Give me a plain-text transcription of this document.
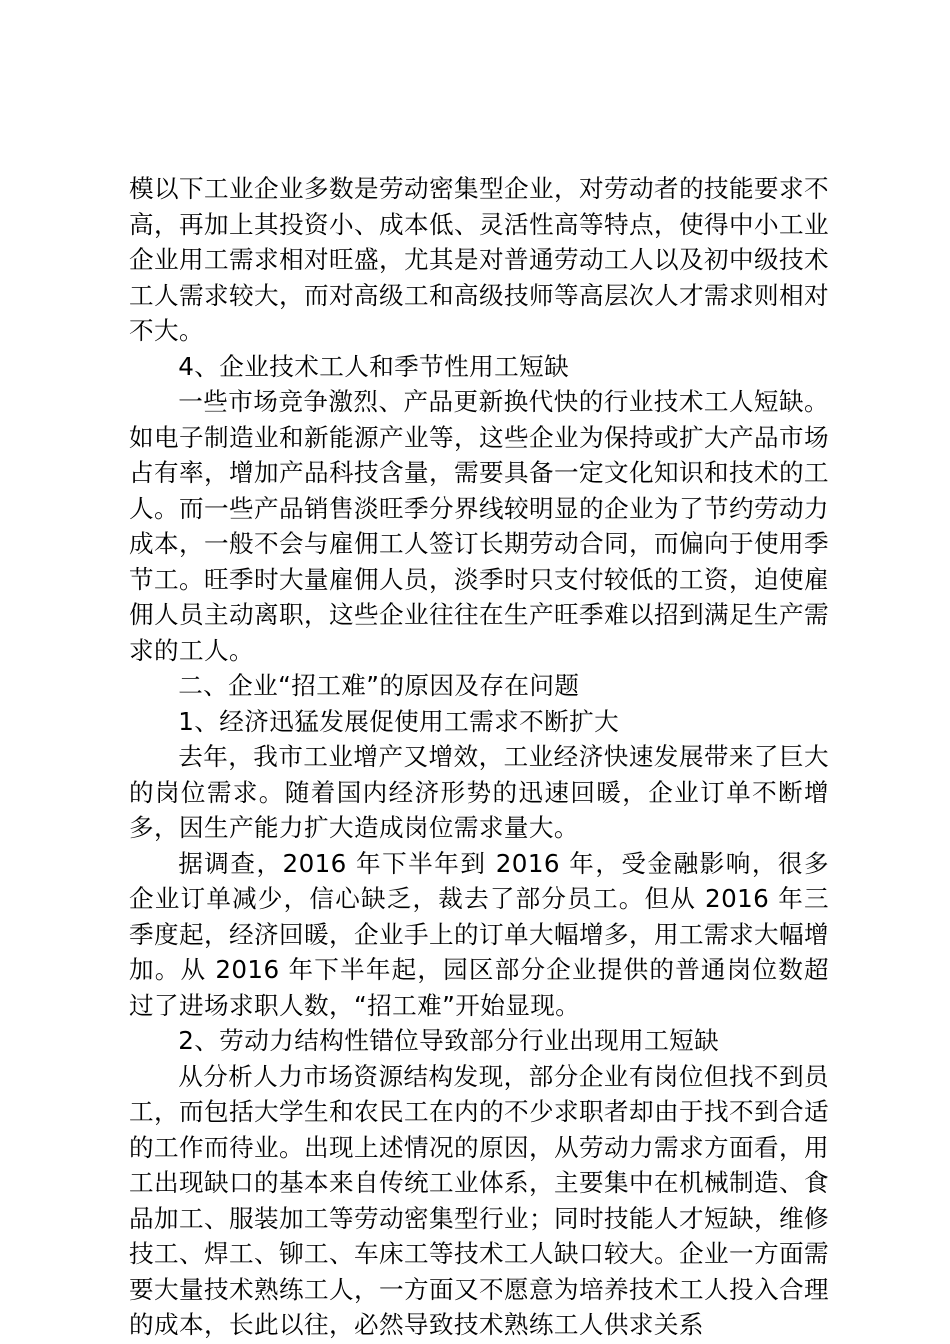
模以下工业企业多数是劳动密集型企业，对劳动者的技能要求不高，再加上其投资小、成本低、灵活性高等特点，使得中小工业企业用工需求相对旺盛，尤其是对普通劳动工人以及初中级技术工人需求较大，而对高级工和高级技师等高层次人才需求则相对不大。

4、企业技术工人和季节性用工短缺

一些市场竞争激烈、产品更新换代快的行业技术工人短缺。如电子制造业和新能源产业等，这些企业为保持或扩大产品市场占有率，增加产品科技含量，需要具备一定文化知识和技术的工人。而一些产品销售淡旺季分界线较明显的企业为了节约劳动力成本，一般不会与雇佣工人签订长期劳动合同，而偏向于使用季节工。旺季时大量雇佣人员，淡季时只支付较低的工资，迫使雇佣人员主动离职，这些企业往往在生产旺季难以招到满足生产需求的工人。

二、企业“招工难”的原因及存在问题

1、经济迅猛发展促使用工需求不断扩大

去年，我市工业增产又增效，工业经济快速发展带来了巨大的岗位需求。随着国内经济形势的迅速回暖，企业订单不断增多，因生产能力扩大造成岗位需求量大。

据调查，2016 年下半年到 2016 年，受金融影响，很多企业订单减少，信心缺乏，裁去了部分员工。但从 2016 年三季度起，经济回暖，企业手上的订单大幅增多，用工需求大幅增加。从 2016 年下半年起，园区部分企业提供的普通岗位数超过了进场求职人数，“招工难”开始显现。

2、劳动力结构性错位导致部分行业出现用工短缺

从分析人力市场资源结构发现，部分企业有岗位但找不到员工，而包括大学生和农民工在内的不少求职者却由于找不到合适的工作而待业。出现上述情况的原因，从劳动力需求方面看，用工出现缺口的基本来自传统工业体系，主要集中在机械制造、食品加工、服装加工等劳动密集型行业；同时技能人才短缺，维修技工、焊工、铆工、车床工等技术工人缺口较大。企业一方面需要大量技术熟练工人，一方面又不愿意为培养技术工人投入合理的成本，长此以往，必然导致技术熟练工人供求关系
